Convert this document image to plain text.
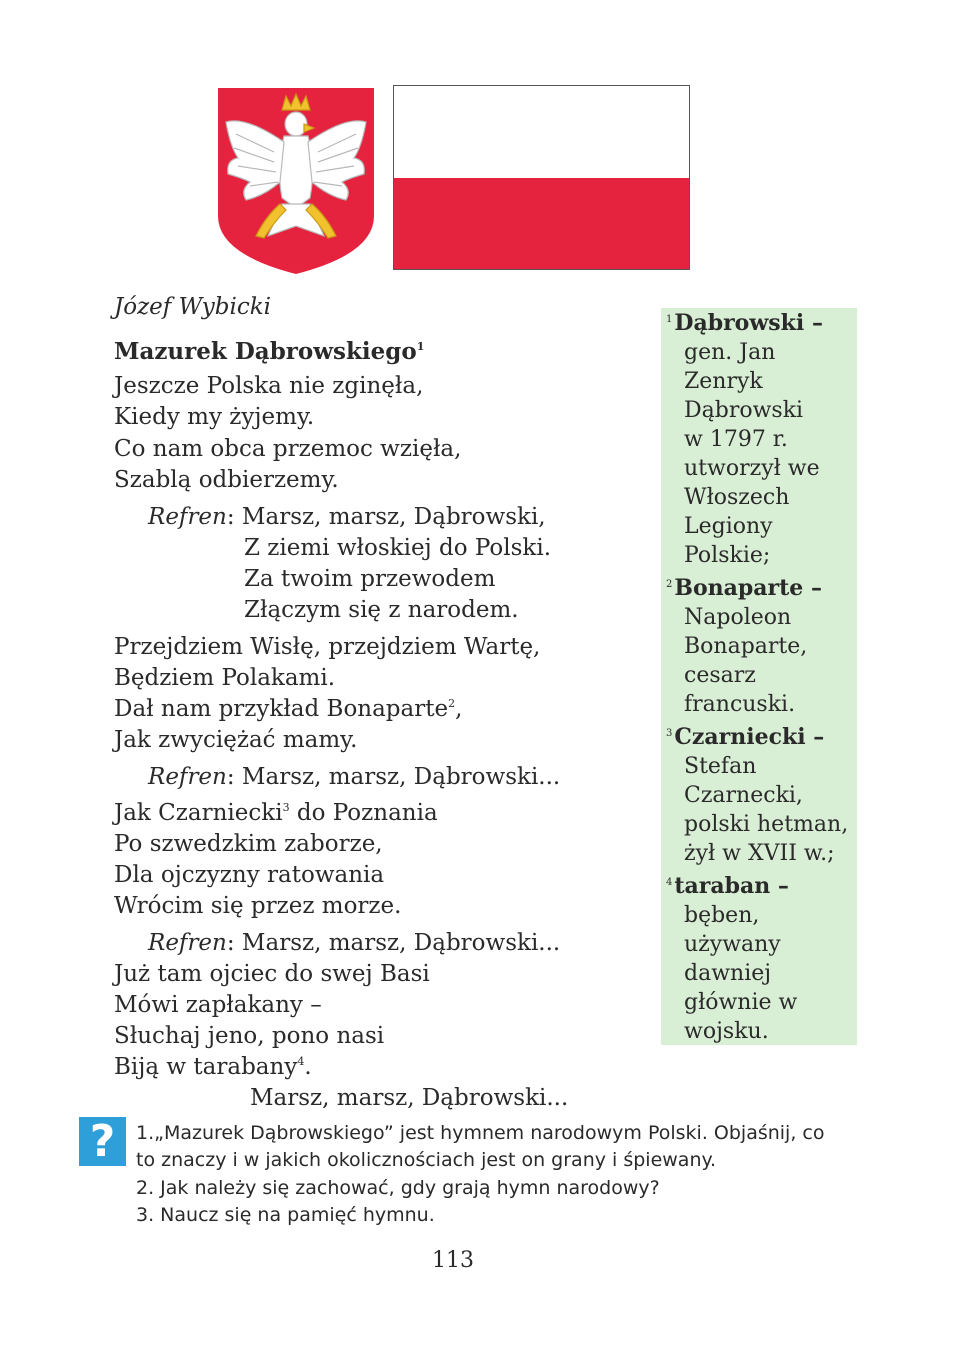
Józef Wybicki
Mazurek Dąbrowskiego$^1$
Jeszcze Polska nie zginęła,
Kiedy my żyjemy.
Co nam obca przemoc wzięła,
Szablą odbierzemy.
Refren: Marsz, marsz, Dąbrowski,
Z ziemi włoskiej do Polski.
Za twoim przewodem
Złączym się z narodem.
Przejdziem Wisłę, przejdziem Wartę,
Będziem Polakami.
Dał nam przykład Bonaparte$^2$,
Jak zwyciężać mamy.
Refren: Marsz, marsz, Dąbrowski...
Jak Czarniecki$^3$ do Poznania
Po szwedzkim zaborze,
Dla ojczyzny ratowania
Wrócim się przez morze.
Refren: Marsz, marsz, Dąbrowski...
Już tam ojciec do swej Basi
Mówi zapłakany –
Słuchaj jeno, pono nasi
Biją w tarabany$^4$.
Marsz, marsz, Dąbrowski...
$^1$Dąbrowski –
gen. Jan
Zenryk
Dąbrowski
w 1797 r.
utworzył we
Włoszech
Legiony
Polskie;
$^2$Bonaparte –
Napoleon
Bonaparte,
cesarz
francuski.
$^3$Czarniecki –
Stefan
Czarnecki,
polski hetman,
żył w XVII w.;
$^4$taraban –
bęben,
używany
dawniej
głównie w
wojsku.
?	1.„Mazurek Dąbrowskiego” jest hymnem narodowym Polski. Objaśnij, co
to znaczy i w jakich okolicznościach jest on grany i śpiewany.
2. Jak należy się zachować, gdy grają hymn narodowy?
3. Naucz się na pamięć hymnu.
113
